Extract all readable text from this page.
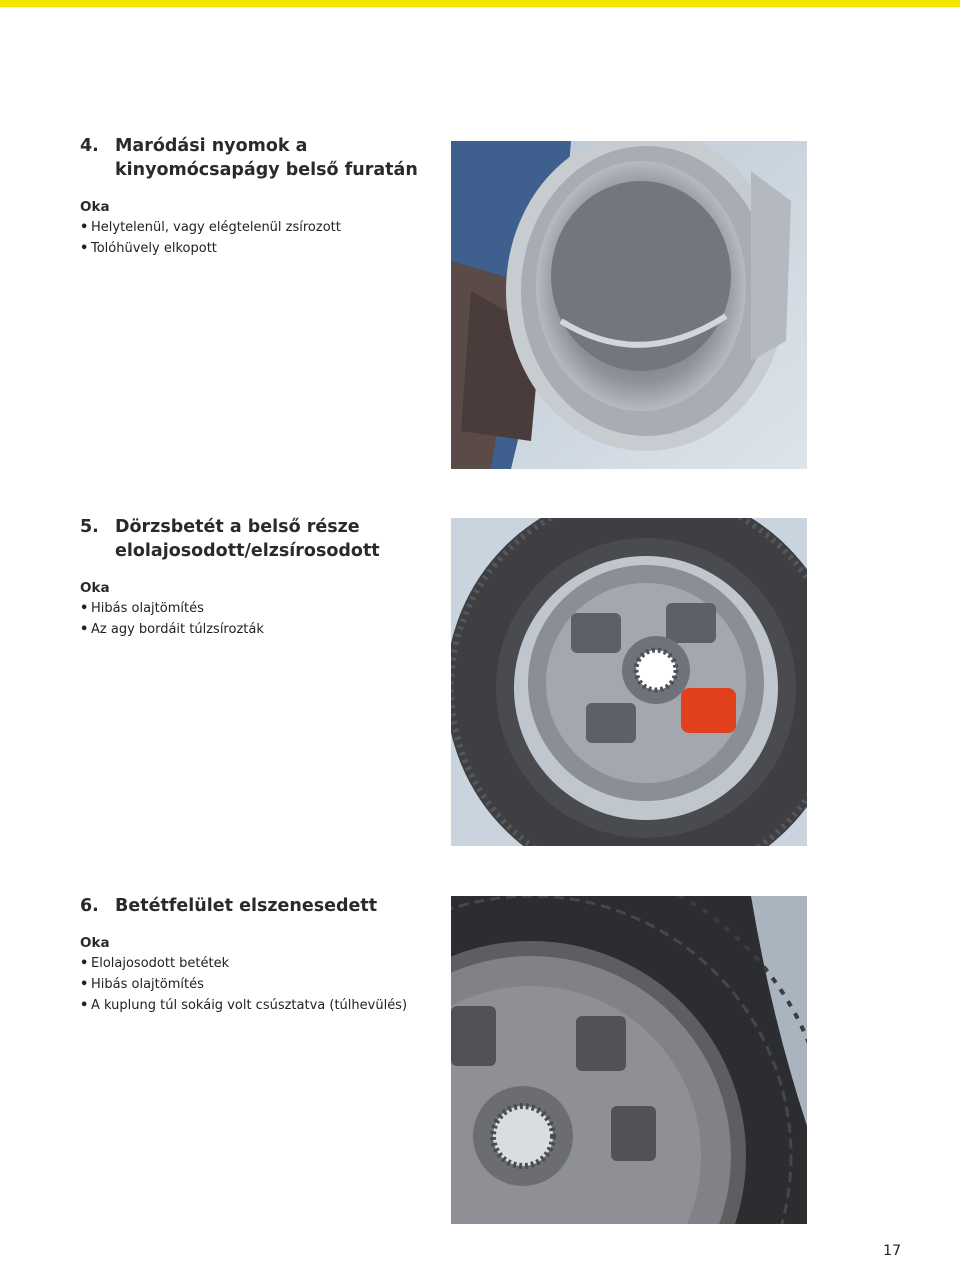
4. Maródási nyomok a kinyomócsapágy belső furatán
Oka
• Helytelenül, vagy elégtelenül zsírozott
• Tolóhüvely elkopott
5. Dörzsbetét a belső része elolajosodott/elzsírosodott
Oka
• Hibás olajtömítés
• Az agy bordáit túlzsírozták
6. Betétfelület elszenesedett
Oka
• Elolajosodott betétek
• Hibás olajtömítés
• A kuplung túl sokáig volt csúsztatva (túlhevülés)
17
